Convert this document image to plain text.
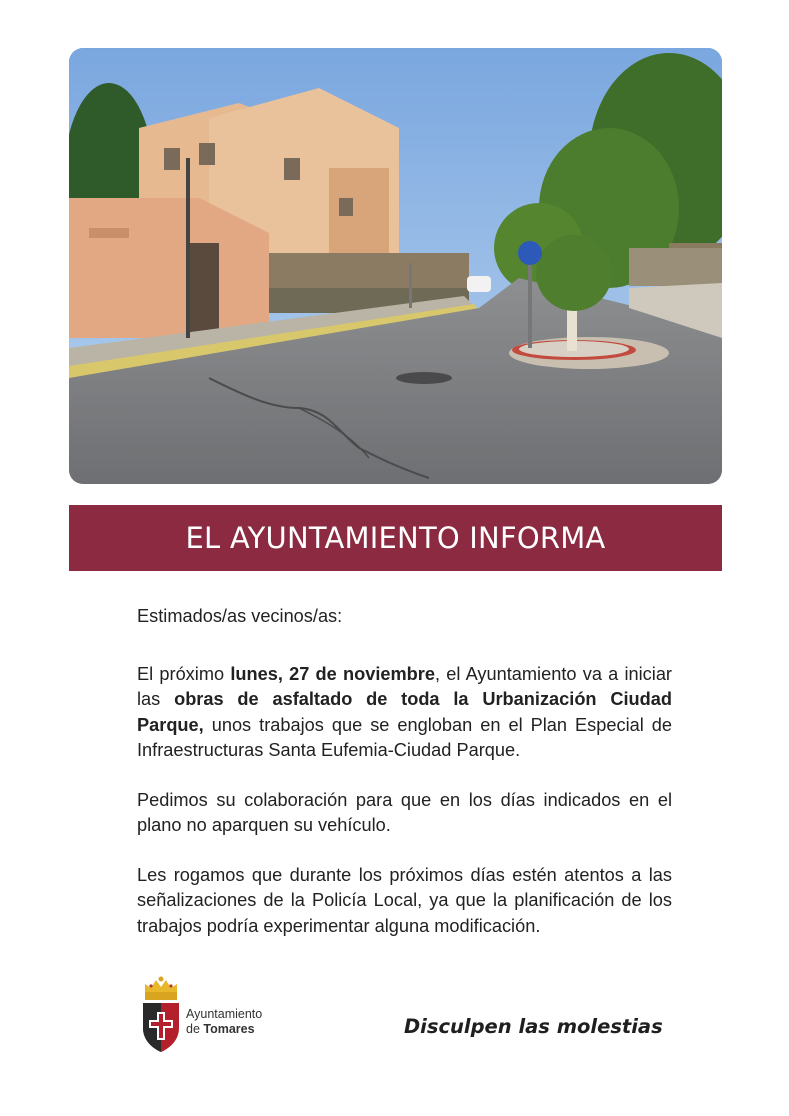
EL AYUNTAMIENTO INFORMA

Estimados/as vecinos/as:

El próximo lunes, 27 de noviembre, el Ayuntamiento va a iniciar las obras de asfaltado de toda la Urbanización Ciudad Parque, unos trabajos que se engloban en el Plan Especial de Infraestructuras Santa Eufemia-Ciudad Parque.

Pedimos su colaboración para que en los días indicados en el plano no aparquen su vehículo.

Les rogamos que durante los próximos días estén atentos a las señalizaciones de la Policía Local, ya que la planificación de los trabajos podría experimentar alguna modificación.

Ayuntamiento
de Tomares	Disculpen las molestias
